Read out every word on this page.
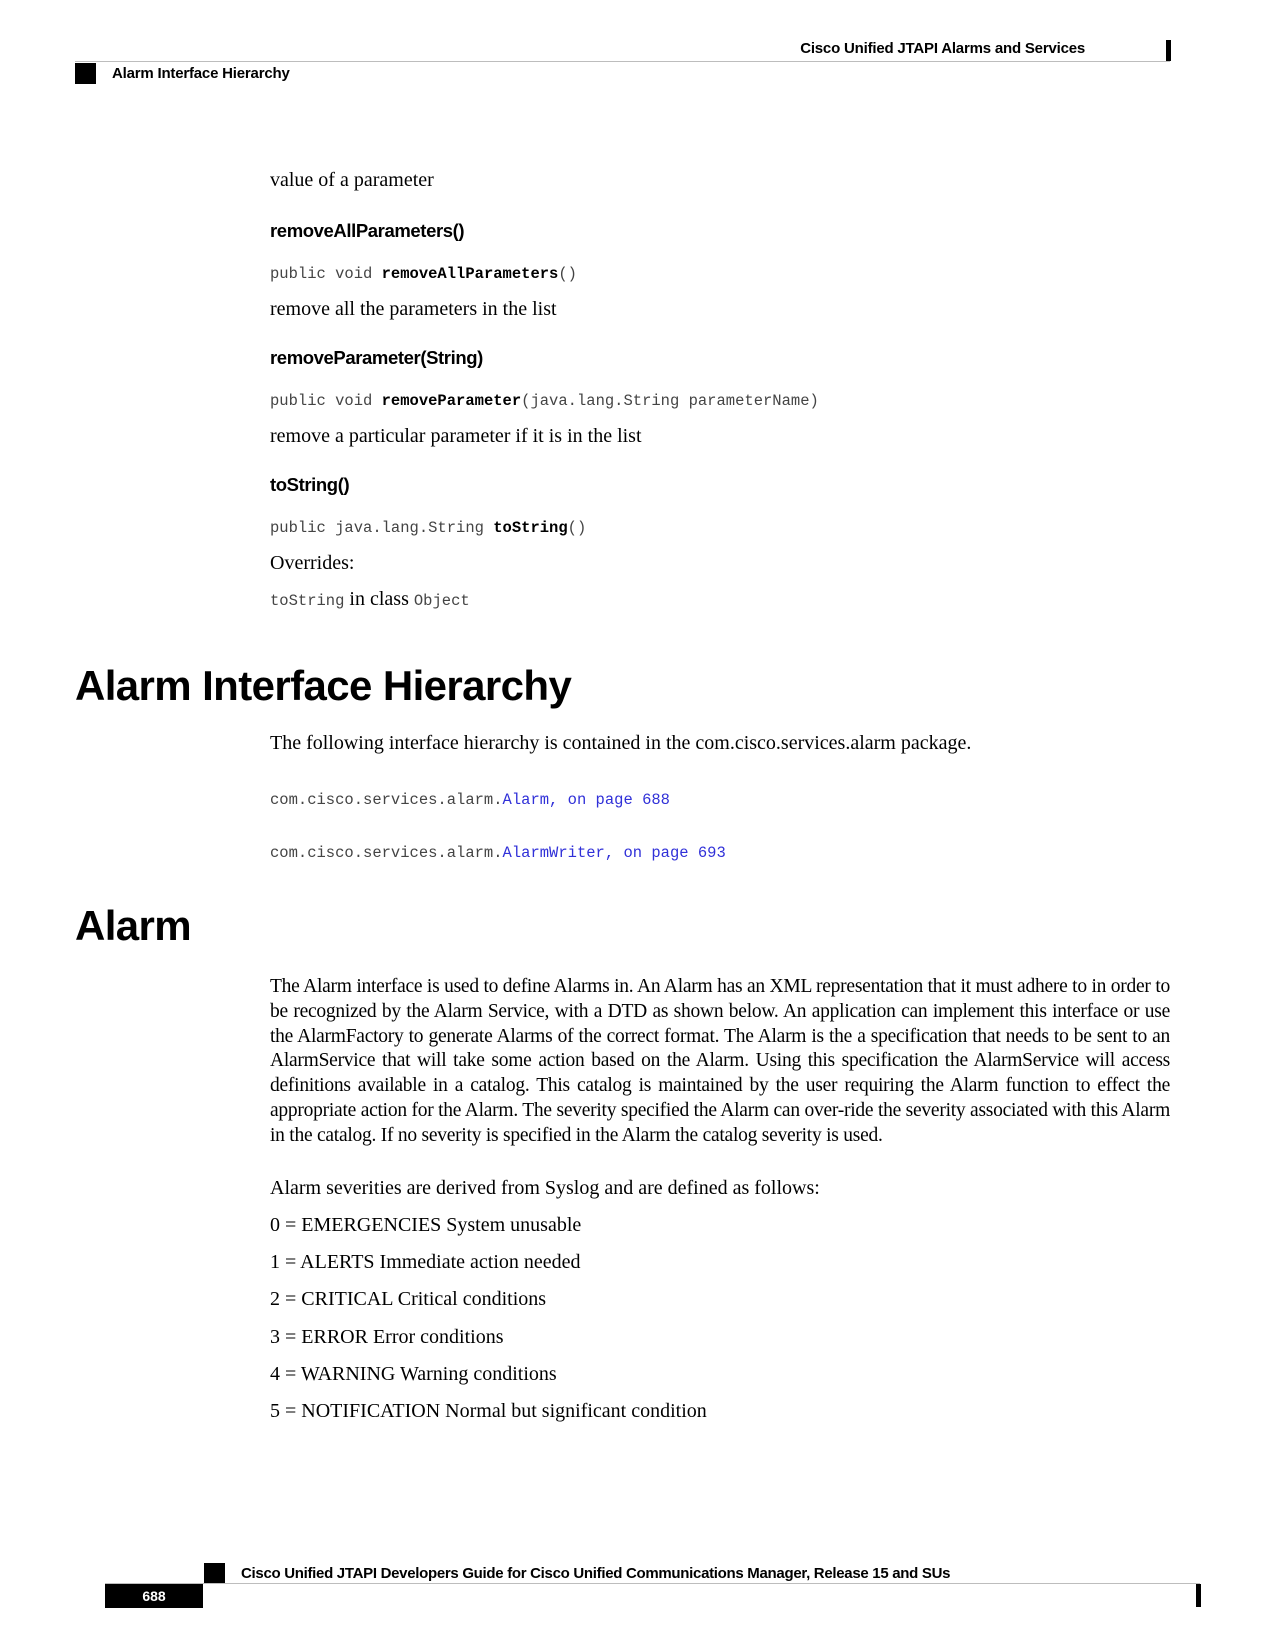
Cisco Unified JTAPI Alarms and Services
Alarm Interface Hierarchy

value of a parameter

removeAllParameters()
public void removeAllParameters()

remove all the parameters in the list

removeParameter(String)
public void removeParameter(java.lang.String parameterName)

remove a particular parameter if it is in the list

toString()
public java.lang.String toString()

Overrides:

toString in class Object

Alarm Interface Hierarchy

The following interface hierarchy is contained in the com.cisco.services.alarm package.

com.cisco.services.alarm.Alarm, on page 688
com.cisco.services.alarm.AlarmWriter, on page 693
Alarm

The Alarm interface is used to define Alarms in. An Alarm has an XML representation that it must adhere to in order to be recognized by the Alarm Service, with a DTD as shown below. An application can implement this interface or use the AlarmFactory to generate Alarms of the correct format. The Alarm is the a specification that needs to be sent to an AlarmService that will take some action based on the Alarm. Using this specification the AlarmService will access definitions available in a catalog. This catalog is maintained by the user requiring the Alarm function to effect the appropriate action for the Alarm. The severity specified the Alarm can over-ride the severity associated with this Alarm in the catalog. If no severity is specified in the Alarm the catalog severity is used.

Alarm severities are derived from Syslog and are defined as follows:

0 = EMERGENCIES System unusable
1 = ALERTS Immediate action needed
2 = CRITICAL Critical conditions
3 = ERROR Error conditions
4 = WARNING Warning conditions
5 = NOTIFICATION Normal but significant condition
Cisco Unified JTAPI Developers Guide for Cisco Unified Communications Manager, Release 15 and SUs
688
